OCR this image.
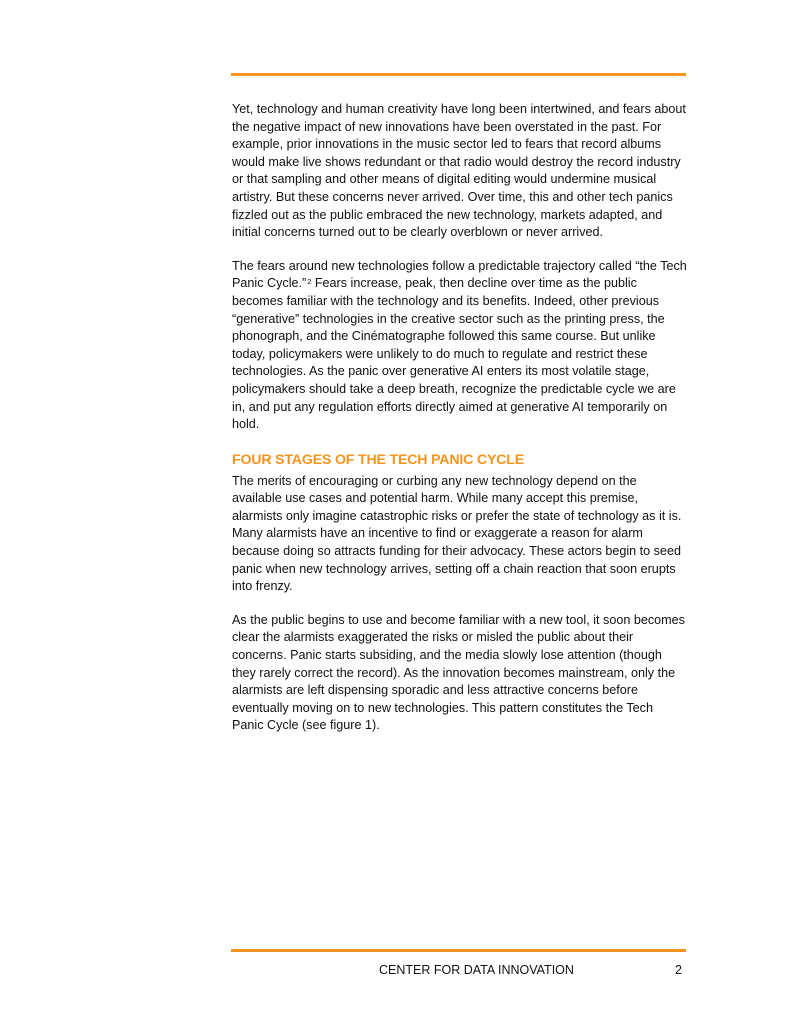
Yet, technology and human creativity have long been intertwined, and fears about the negative impact of new innovations have been overstated in the past. For example, prior innovations in the music sector led to fears that record albums would make live shows redundant or that radio would destroy the record industry or that sampling and other means of digital editing would undermine musical artistry. But these concerns never arrived. Over time, this and other tech panics fizzled out as the public embraced the new technology, markets adapted, and initial concerns turned out to be clearly overblown or never arrived.

The fears around new technologies follow a predictable trajectory called “the Tech Panic Cycle.”$^2$ Fears increase, peak, then decline over time as the public becomes familiar with the technology and its benefits. Indeed, other previous “generative” technologies in the creative sector such as the printing press, the phonograph, and the Cinématographe followed this same course. But unlike today, policymakers were unlikely to do much to regulate and restrict these technologies. As the panic over generative AI enters its most volatile stage, policymakers should take a deep breath, recognize the predictable cycle we are in, and put any regulation efforts directly aimed at generative AI temporarily on hold.

FOUR STAGES OF THE TECH PANIC CYCLE

The merits of encouraging or curbing any new technology depend on the available use cases and potential harm. While many accept this premise, alarmists only imagine catastrophic risks or prefer the state of technology as it is. Many alarmists have an incentive to find or exaggerate a reason for alarm because doing so attracts funding for their advocacy. These actors begin to seed panic when new technology arrives, setting off a chain reaction that soon erupts into frenzy.

As the public begins to use and become familiar with a new tool, it soon becomes clear the alarmists exaggerated the risks or misled the public about their concerns. Panic starts subsiding, and the media slowly lose attention (though they rarely correct the record). As the innovation becomes mainstream, only the alarmists are left dispensing sporadic and less attractive concerns before eventually moving on to new technologies. This pattern constitutes the Tech Panic Cycle (see figure 1).

CENTER FOR DATA INNOVATION	2
